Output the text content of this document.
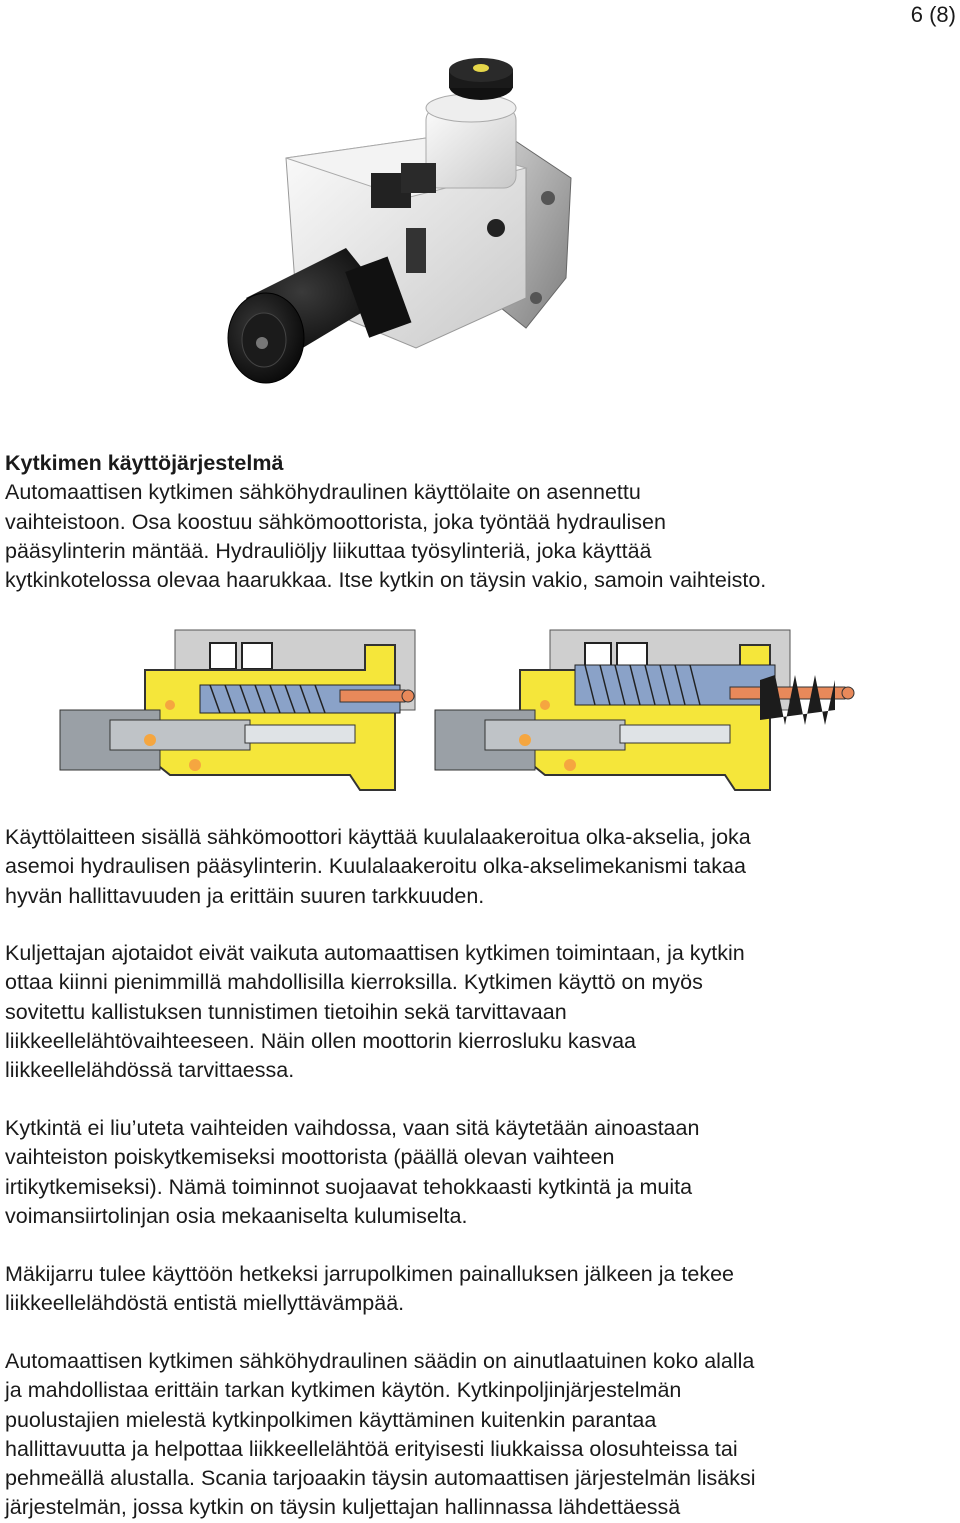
6 (8)
Kytkimen käyttöjärjestelmä
Automaattisen kytkimen sähköhydraulinen käyttölaite on asennettu
vaihteistoon. Osa koostuu sähkömoottorista, joka työntää hydraulisen
pääsylinterin mäntää. Hydrauliöljy liikuttaa työsylinteriä, joka käyttää
kytkinkotelossa olevaa haarukkaa. Itse kytkin on täysin vakio, samoin vaihteisto.
Käyttölaitteen sisällä sähkömoottori käyttää kuulalaakeroitua olka-akselia, joka
asemoi hydraulisen pääsylinterin. Kuulalaakeroitu olka-akselimekanismi takaa
hyvän hallittavuuden ja erittäin suuren tarkkuuden.
Kuljettajan ajotaidot eivät vaikuta automaattisen kytkimen toimintaan, ja kytkin
ottaa kiinni pienimmillä mahdollisilla kierroksilla. Kytkimen käyttö on myös
sovitettu kallistuksen tunnistimen tietoihin sekä tarvittavaan
liikkeellelähtövaihteeseen. Näin ollen moottorin kierrosluku kasvaa
liikkeellelähdössä tarvittaessa.
Kytkintä ei liu’uteta vaihteiden vaihdossa, vaan sitä käytetään ainoastaan
vaihteiston poiskytkemiseksi moottorista (päällä olevan vaihteen
irtikytkemiseksi). Nämä toiminnot suojaavat tehokkaasti kytkintä ja muita
voimansiirtolinjan osia mekaaniselta kulumiselta.
Mäkijarru tulee käyttöön hetkeksi jarrupolkimen painalluksen jälkeen ja tekee
liikkeellelähdöstä entistä miellyttävämpää.
Automaattisen kytkimen sähköhydraulinen säädin on ainutlaatuinen koko alalla
ja mahdollistaa erittäin tarkan kytkimen käytön. Kytkinpoljinjärjestelmän
puolustajien mielestä kytkinpolkimen käyttäminen kuitenkin parantaa
hallittavuutta ja helpottaa liikkeellelähtöä erityisesti liukkaissa olosuhteissa tai
pehmeällä alustalla. Scania tarjoaakin täysin automaattisen järjestelmän lisäksi
järjestelmän, jossa kytkin on täysin kuljettajan hallinnassa lähdettäessä
